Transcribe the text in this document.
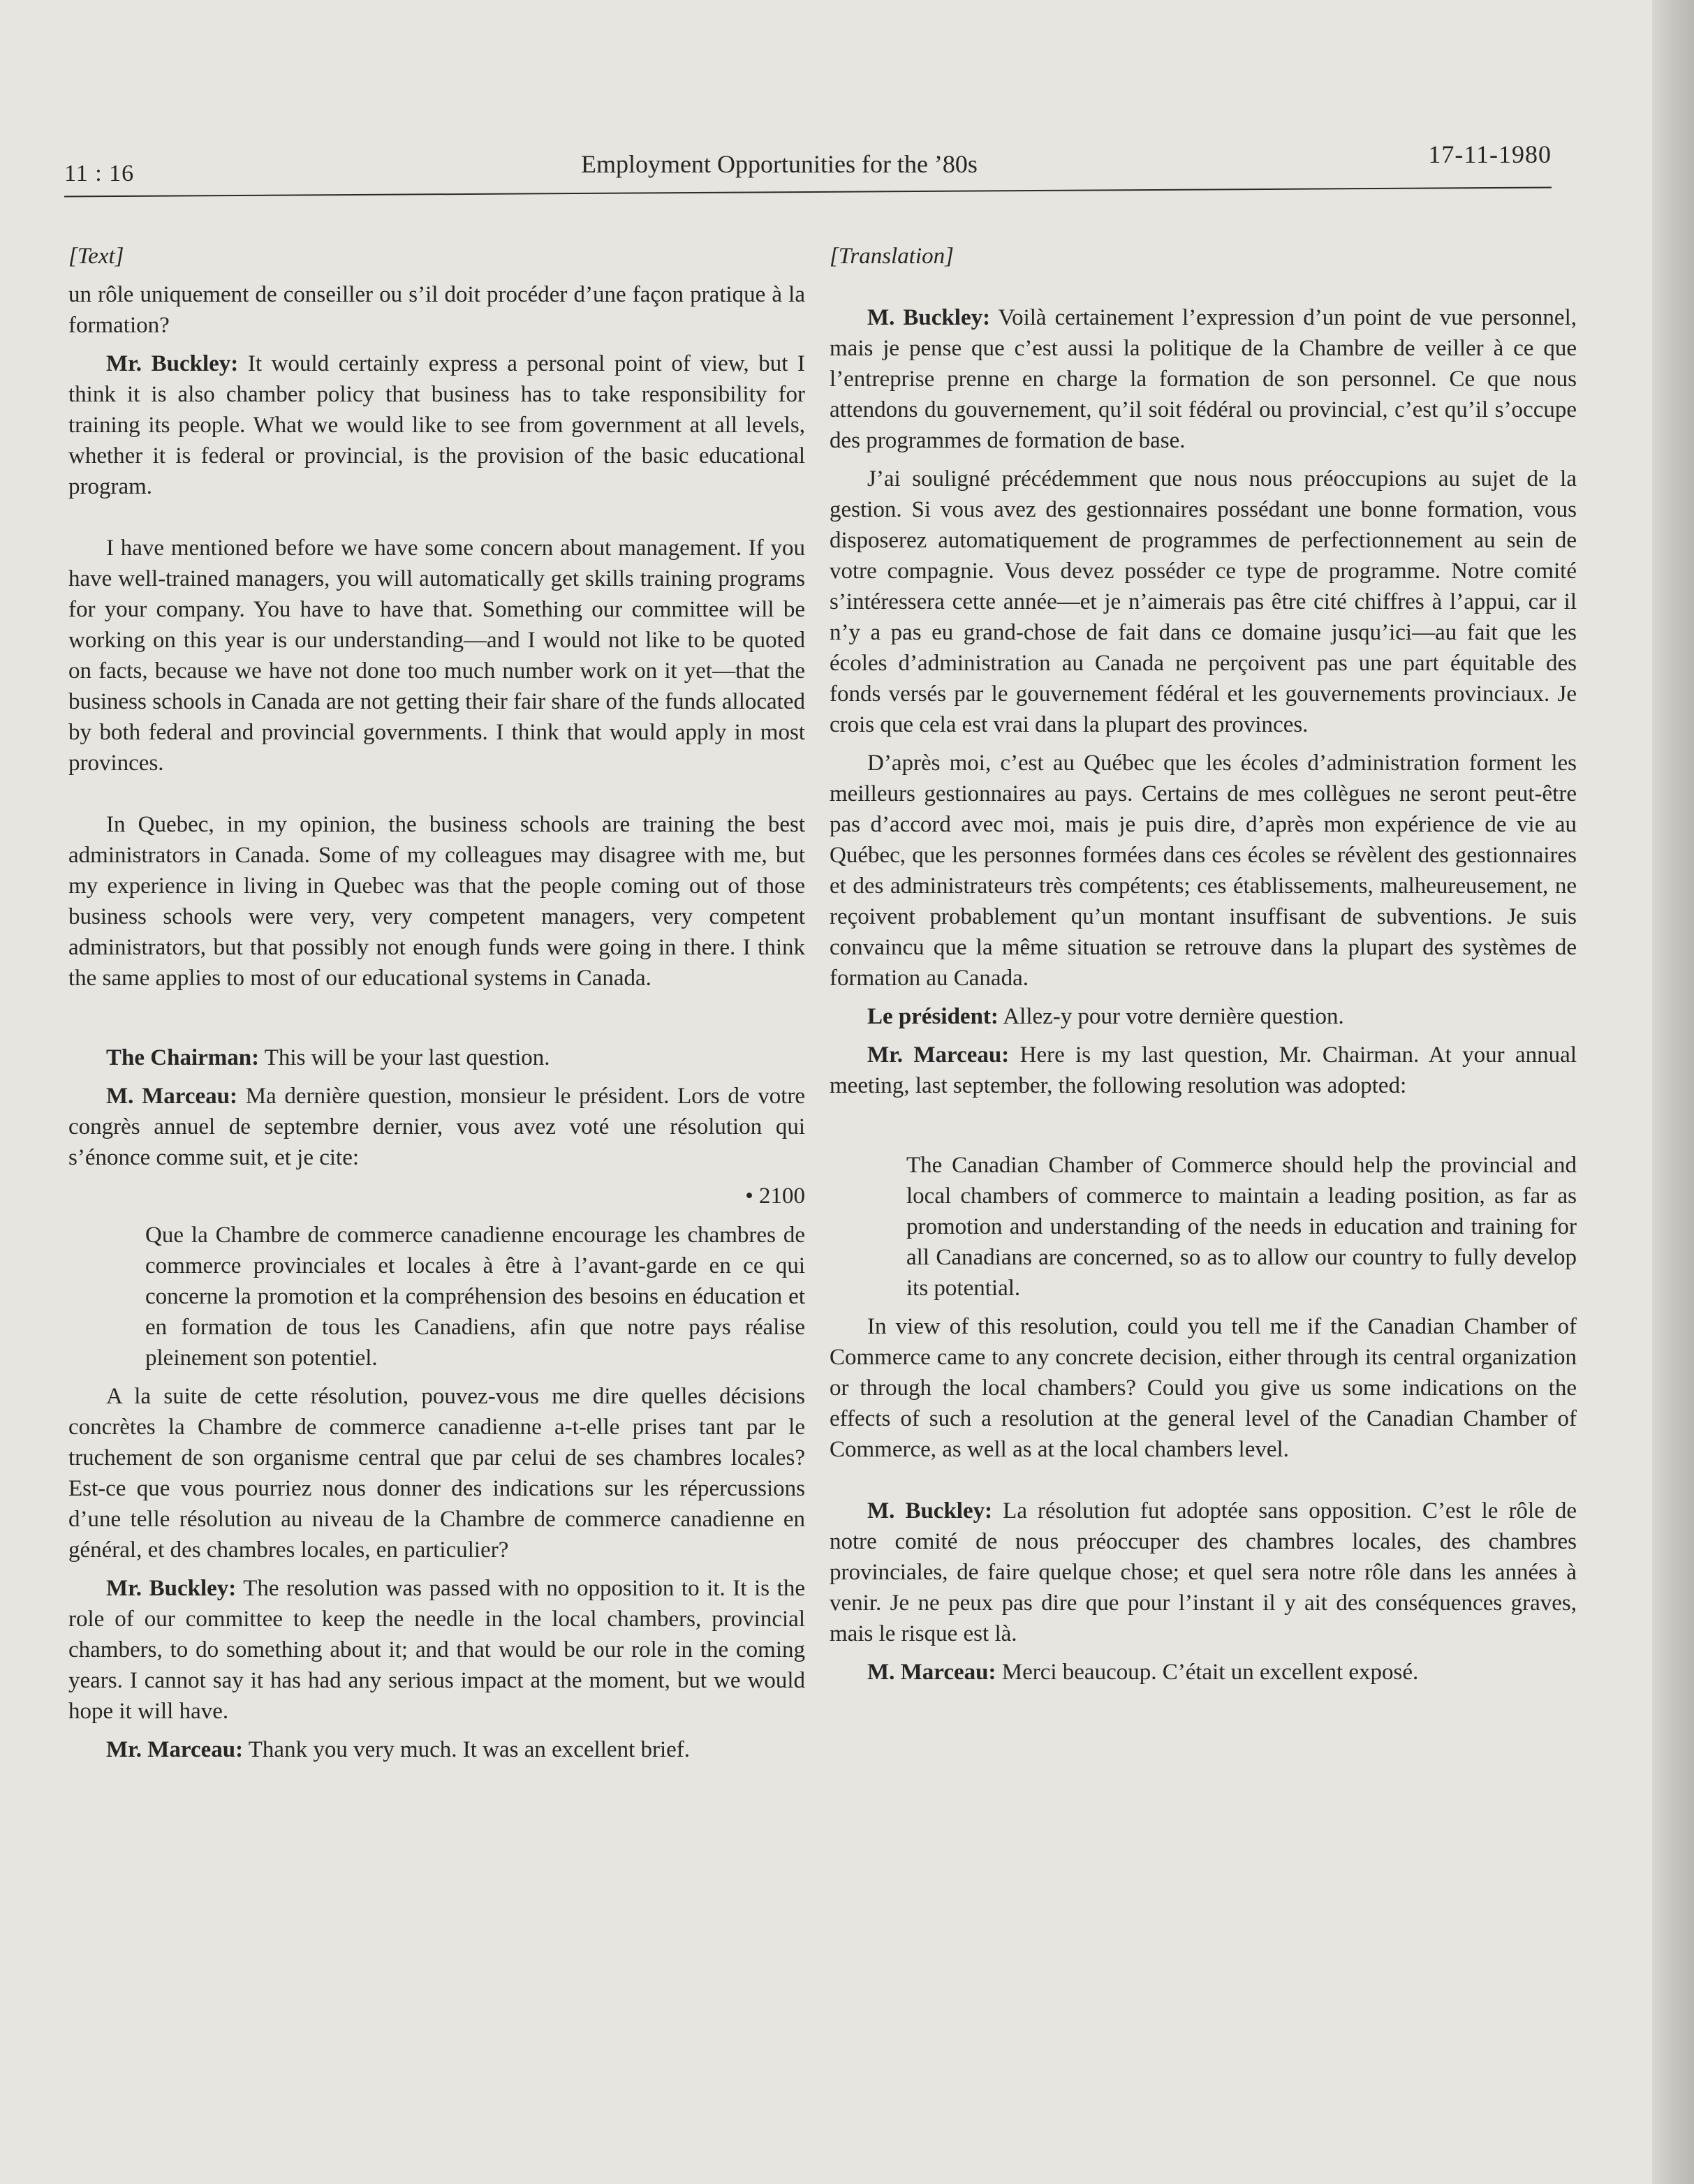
11 : 16	Employment Opportunities for the ’80s	17-11-1980

[Text]

un rôle uniquement de conseiller ou s’il doit procéder d’une façon pratique à la formation?

Mr. Buckley: It would certainly express a personal point of view, but I think it is also chamber policy that business has to take responsibility for training its people. What we would like to see from government at all levels, whether it is federal or provincial, is the provision of the basic educational program.

I have mentioned before we have some concern about management. If you have well-trained managers, you will automatically get skills training programs for your company. You have to have that. Something our committee will be working on this year is our understanding—and I would not like to be quoted on facts, because we have not done too much number work on it yet—that the business schools in Canada are not getting their fair share of the funds allocated by both federal and provincial governments. I think that would apply in most provinces.

In Quebec, in my opinion, the business schools are training the best administrators in Canada. Some of my colleagues may disagree with me, but my experience in living in Quebec was that the people coming out of those business schools were very, very competent managers, very competent administrators, but that possibly not enough funds were going in there. I think the same applies to most of our educational systems in Canada.

The Chairman: This will be your last question.

M. Marceau: Ma dernière question, monsieur le président. Lors de votre congrès annuel de septembre dernier, vous avez voté une résolution qui s’énonce comme suit, et je cite:

• 2100

Que la Chambre de commerce canadienne encourage les chambres de commerce provinciales et locales à être à l’avant-garde en ce qui concerne la promotion et la compréhension des besoins en éducation et en formation de tous les Canadiens, afin que notre pays réalise pleinement son potentiel.

A la suite de cette résolution, pouvez-vous me dire quelles décisions concrètes la Chambre de commerce canadienne a-t-elle prises tant par le truchement de son organisme central que par celui de ses chambres locales? Est-ce que vous pourriez nous donner des indications sur les répercussions d’une telle résolution au niveau de la Chambre de commerce canadienne en général, et des chambres locales, en particulier?

Mr. Buckley: The resolution was passed with no opposition to it. It is the role of our committee to keep the needle in the local chambers, provincial chambers, to do something about it; and that would be our role in the coming years. I cannot say it has had any serious impact at the moment, but we would hope it will have.

Mr. Marceau: Thank you very much. It was an excellent brief.

[Translation]

M. Buckley: Voilà certainement l’expression d’un point de vue personnel, mais je pense que c’est aussi la politique de la Chambre de veiller à ce que l’entreprise prenne en charge la formation de son personnel. Ce que nous attendons du gouvernement, qu’il soit fédéral ou provincial, c’est qu’il s’occupe des programmes de formation de base.

J’ai souligné précédemment que nous nous préoccupions au sujet de la gestion. Si vous avez des gestionnaires possédant une bonne formation, vous disposerez automatiquement de programmes de perfectionnement au sein de votre compagnie. Vous devez posséder ce type de programme. Notre comité s’intéressera cette année—et je n’aimerais pas être cité chiffres à l’appui, car il n’y a pas eu grand-chose de fait dans ce domaine jusqu’ici—au fait que les écoles d’administration au Canada ne perçoivent pas une part équitable des fonds versés par le gouvernement fédéral et les gouvernements provinciaux. Je crois que cela est vrai dans la plupart des provinces.

D’après moi, c’est au Québec que les écoles d’administration forment les meilleurs gestionnaires au pays. Certains de mes collègues ne seront peut-être pas d’accord avec moi, mais je puis dire, d’après mon expérience de vie au Québec, que les personnes formées dans ces écoles se révèlent des gestionnaires et des administrateurs très compétents; ces établissements, malheureusement, ne reçoivent probablement qu’un montant insuffisant de subventions. Je suis convaincu que la même situation se retrouve dans la plupart des systèmes de formation au Canada.

Le président: Allez-y pour votre dernière question.

Mr. Marceau: Here is my last question, Mr. Chairman. At your annual meeting, last september, the following resolution was adopted:

The Canadian Chamber of Commerce should help the provincial and local chambers of commerce to maintain a leading position, as far as promotion and understanding of the needs in education and training for all Canadians are concerned, so as to allow our country to fully develop its potential.

In view of this resolution, could you tell me if the Canadian Chamber of Commerce came to any concrete decision, either through its central organization or through the local chambers? Could you give us some indications on the effects of such a resolution at the general level of the Canadian Chamber of Commerce, as well as at the local chambers level.

M. Buckley: La résolution fut adoptée sans opposition. C’est le rôle de notre comité de nous préoccuper des chambres locales, des chambres provinciales, de faire quelque chose; et quel sera notre rôle dans les années à venir. Je ne peux pas dire que pour l’instant il y ait des conséquences graves, mais le risque est là.

M. Marceau: Merci beaucoup. C’était un excellent exposé.
